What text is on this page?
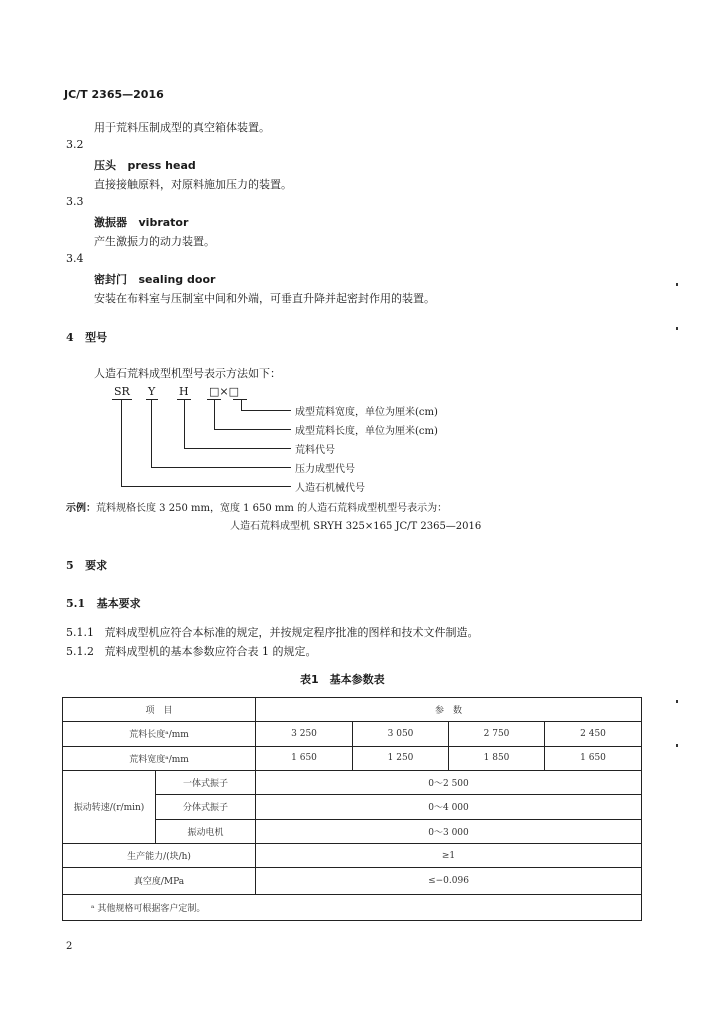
JC/T 2365—2016
用于荒料压制成型的真空箱体装置。
3.2
压头 press head
直接接触原料，对原料施加压力的装置。
3.3
激振器 vibrator
产生激振力的动力装置。
3.4
密封门 sealing door
安装在布料室与压制室中间和外端，可垂直升降并起密封作用的装置。
4 型号
人造石荒料成型机型号表示方法如下：
SR Y H □×□
成型荒料宽度，单位为厘米(cm)
成型荒料长度，单位为厘米(cm)
荒料代号
压力成型代号
人造石机械代号
示例：荒料规格长度 3 250 mm，宽度 1 650 mm 的人造石荒料成型机型号表示为：
人造石荒料成型机 SRYH 325×165 JC/T 2365—2016
5 要求
5.1 基本要求
5.1.1 荒料成型机应符合本标准的规定，并按规定程序批准的图样和技术文件制造。
5.1.2 荒料成型机的基本参数应符合表 1 的规定。
表1　基本参数表
项　目		参　数			
荒料长度ᵃ/mm		3 250	3 050	2 750	2 450
荒料宽度ᵃ/mm		1 650	1 250	1 850	1 650
振动转速/(r/min)	一体式振子	0～2 500			
	分体式振子	0～4 000			
	振动电机	0～3 000			
生产能力/(块/h)		≥1			
真空度/MPa		≤−0.096			
ᵃ 其他规格可根据客户定制。					
2
